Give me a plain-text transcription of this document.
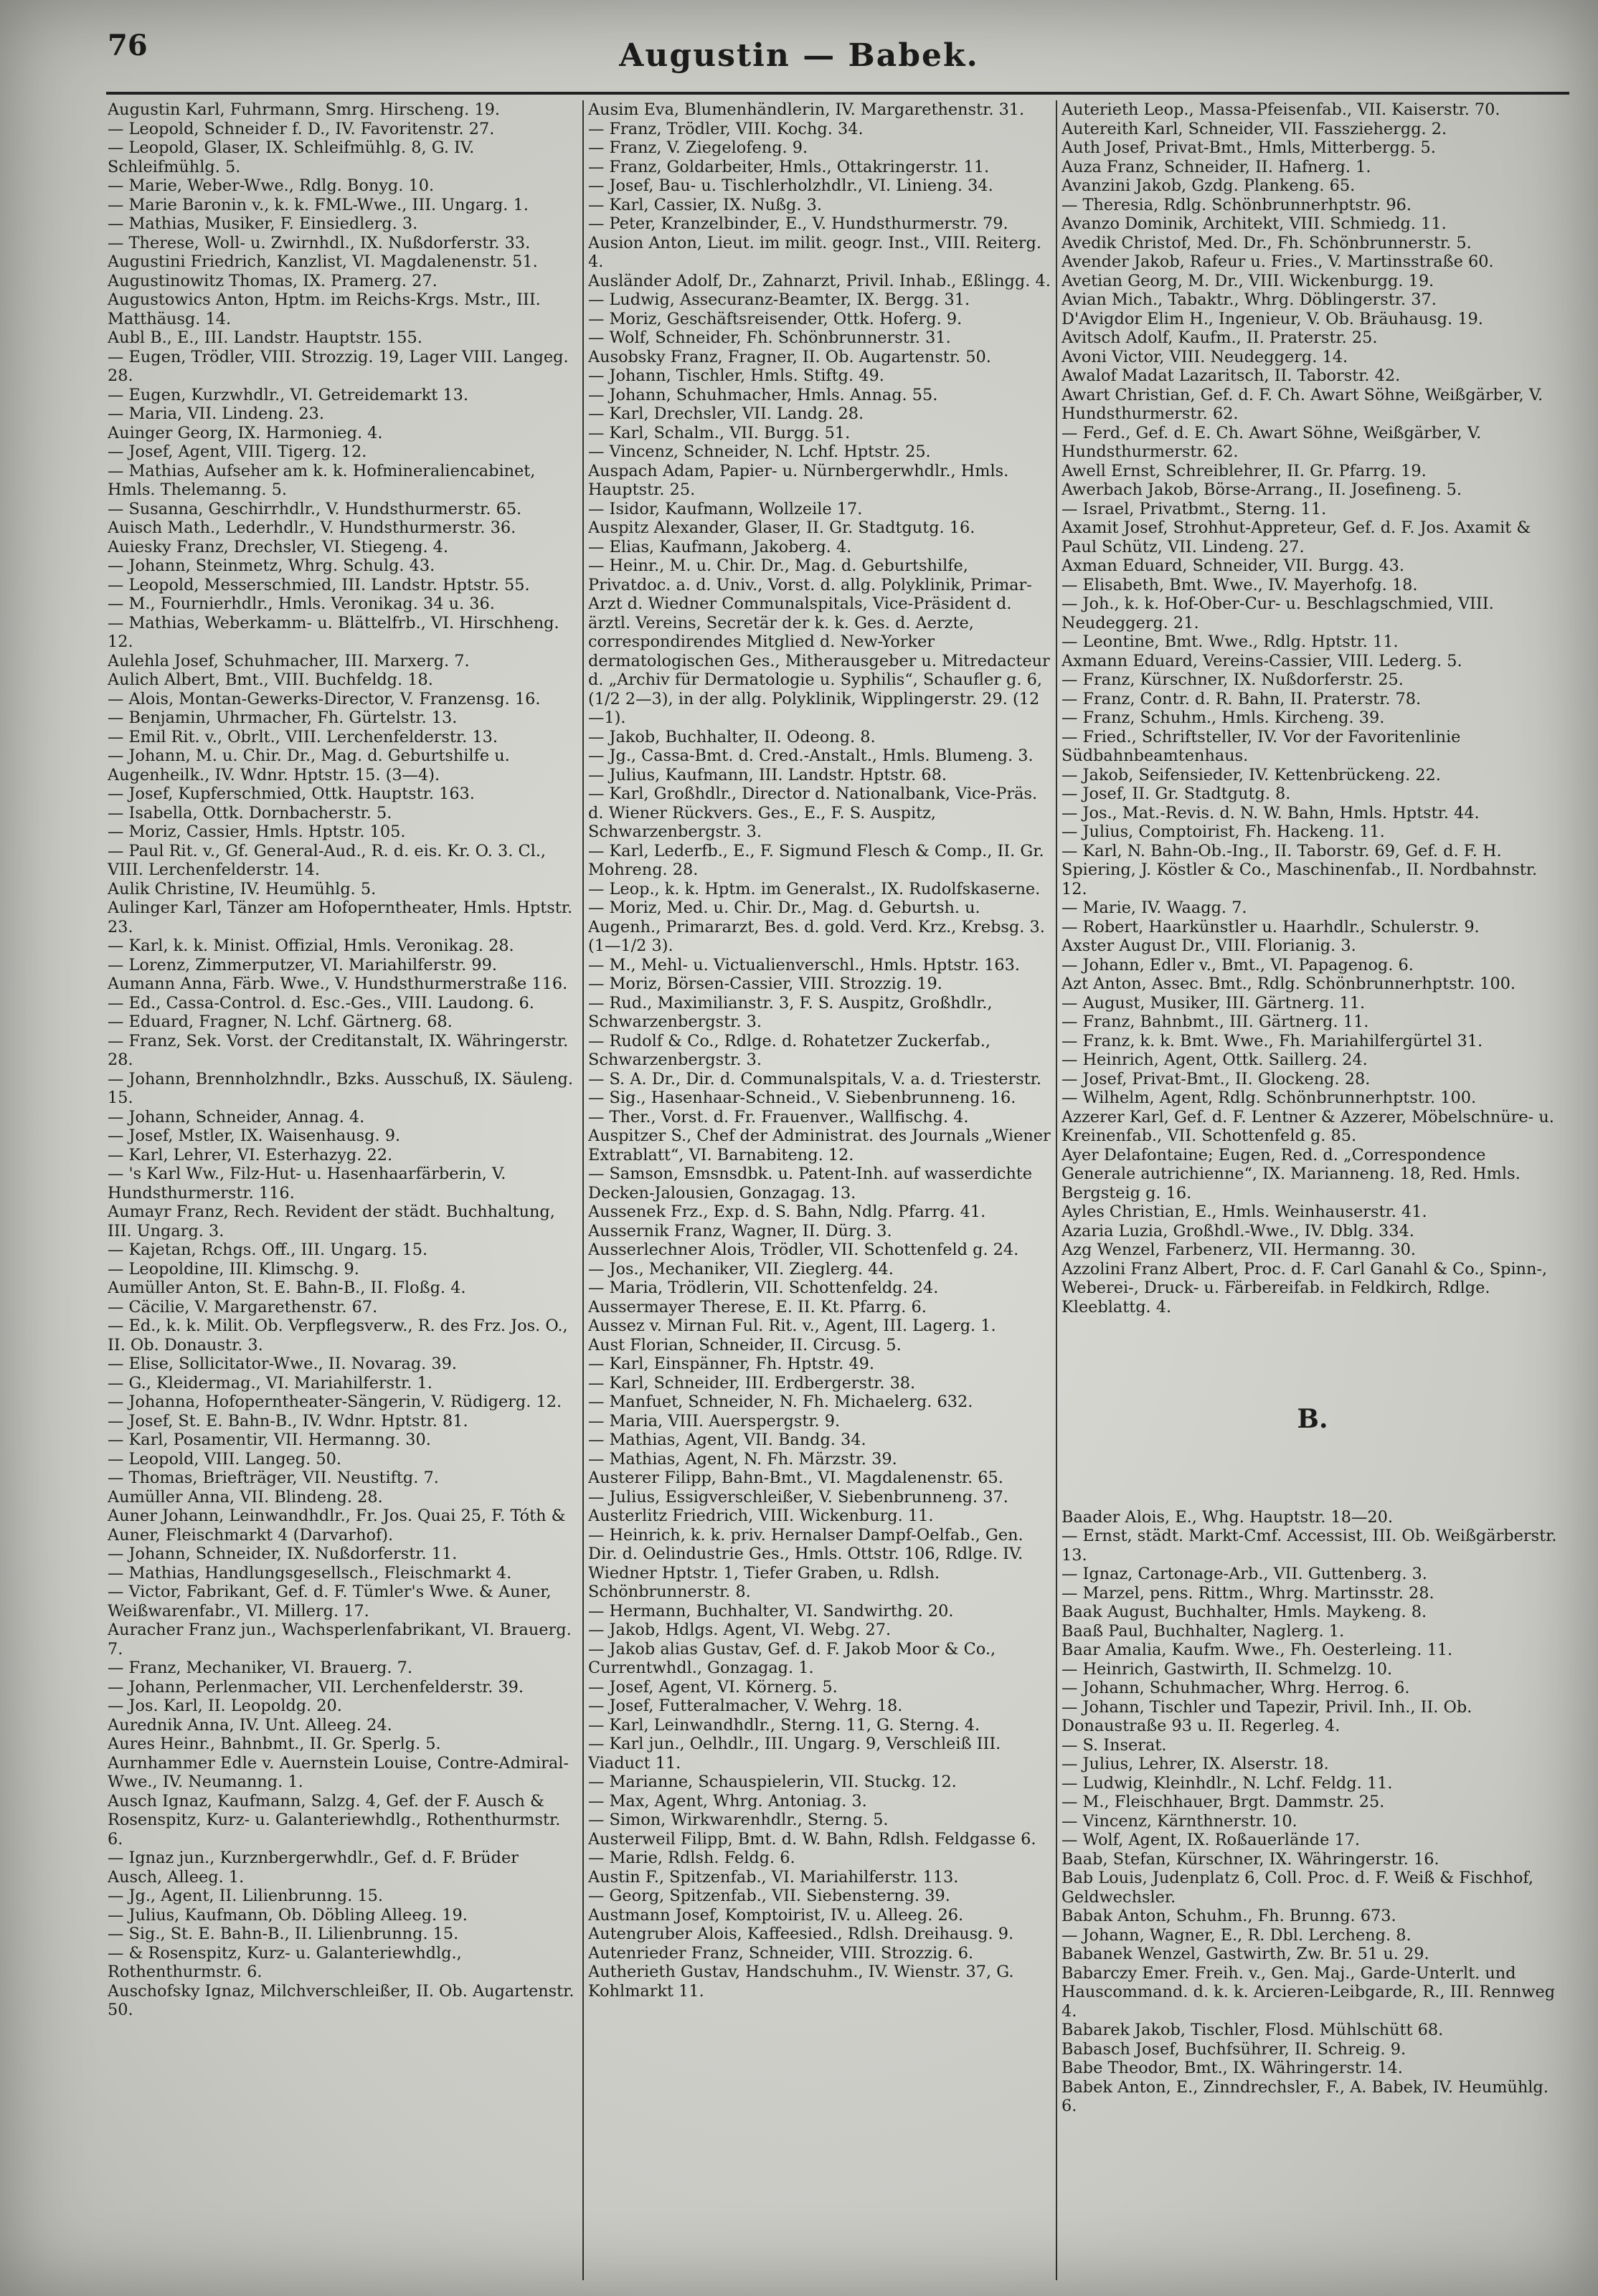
76	Augustin — Babek.

Augustin Karl, Fuhrmann, Smrg. Hirscheng. 19.

— Leopold, Schneider f. D., IV. Favoritenstr. 27.

— Leopold, Glaser, IX. Schleifmühlg. 8, G. IV. Schleifmühlg. 5.

— Marie, Weber-Wwe., Rdlg. Bonyg. 10.

— Marie Baronin v., k. k. FML-Wwe., III. Ungarg. 1.

— Mathias, Musiker, F. Einsiedlerg. 3.

— Therese, Woll- u. Zwirnhdl., IX. Nußdorferstr. 33.

Augustini Friedrich, Kanzlist, VI. Magdalenenstr. 51.

Augustinowitz Thomas, IX. Pramerg. 27.

Augustowics Anton, Hptm. im Reichs-Krgs. Mstr., III. Matthäusg. 14.

Aubl B., E., III. Landstr. Hauptstr. 155.

— Eugen, Trödler, VIII. Strozzig. 19, Lager VIII. Langeg. 28.

— Eugen, Kurzwhdlr., VI. Getreidemarkt 13.

— Maria, VII. Lindeng. 23.

Auinger Georg, IX. Harmonieg. 4.

— Josef, Agent, VIII. Tigerg. 12.

— Mathias, Aufseher am k. k. Hofmineraliencabinet, Hmls. Thelemanng. 5.

— Susanna, Geschirrhdlr., V. Hundsthurmerstr. 65.

Auisch Math., Lederhdlr., V. Hundsthurmerstr. 36.

Auiesky Franz, Drechsler, VI. Stiegeng. 4.

— Johann, Steinmetz, Whrg. Schulg. 43.

— Leopold, Messerschmied, III. Landstr. Hptstr. 55.

— M., Fournierhdlr., Hmls. Veronikag. 34 u. 36.

— Mathias, Weberkamm- u. Blättelfrb., VI. Hirschheng. 12.

Aulehla Josef, Schuhmacher, III. Marxerg. 7.

Aulich Albert, Bmt., VIII. Buchfeldg. 18.

— Alois, Montan-Gewerks-Director, V. Franzensg. 16.

— Benjamin, Uhrmacher, Fh. Gürtelstr. 13.

— Emil Rit. v., Obrlt., VIII. Lerchenfelderstr. 13.

— Johann, M. u. Chir. Dr., Mag. d. Geburtshilfe u. Augenheilk., IV. Wdnr. Hptstr. 15. (3—4).

— Josef, Kupferschmied, Ottk. Hauptstr. 163.

— Isabella, Ottk. Dornbacherstr. 5.

— Moriz, Cassier, Hmls. Hptstr. 105.

— Paul Rit. v., Gf. General-Aud., R. d. eis. Kr. O. 3. Cl., VIII. Lerchenfelderstr. 14.

Aulik Christine, IV. Heumühlg. 5.

Aulinger Karl, Tänzer am Hofoperntheater, Hmls. Hptstr. 23.

— Karl, k. k. Minist. Offizial, Hmls. Veronikag. 28.

— Lorenz, Zimmerputzer, VI. Mariahilferstr. 99.

Aumann Anna, Färb. Wwe., V. Hundsthurmerstraße 116.

— Ed., Cassa-Control. d. Esc.-Ges., VIII. Laudong. 6.

— Eduard, Fragner, N. Lchf. Gärtnerg. 68.

— Franz, Sek. Vorst. der Creditanstalt, IX. Währingerstr. 28.

— Johann, Brennholzhndlr., Bzks. Ausschuß, IX. Säuleng. 15.

— Johann, Schneider, Annag. 4.

— Josef, Mstler, IX. Waisenhausg. 9.

— Karl, Lehrer, VI. Esterhazyg. 22.

— 's Karl Ww., Filz-Hut- u. Hasenhaarfärberin, V. Hundsthurmerstr. 116.

Aumayr Franz, Rech. Revident der städt. Buchhaltung, III. Ungarg. 3.

— Kajetan, Rchgs. Off., III. Ungarg. 15.

— Leopoldine, III. Klimschg. 9.

Aumüller Anton, St. E. Bahn-B., II. Floßg. 4.

— Cäcilie, V. Margarethenstr. 67.

— Ed., k. k. Milit. Ob. Verpflegsverw., R. des Frz. Jos. O., II. Ob. Donaustr. 3.

— Elise, Sollicitator-Wwe., II. Novarag. 39.

— G., Kleidermag., VI. Mariahilferstr. 1.

— Johanna, Hofoperntheater-Sängerin, V. Rüdigerg. 12.

— Josef, St. E. Bahn-B., IV. Wdnr. Hptstr. 81.

— Karl, Posamentir, VII. Hermanng. 30.

— Leopold, VIII. Langeg. 50.

— Thomas, Briefträger, VII. Neustiftg. 7.

Aumüller Anna, VII. Blindeng. 28.

Auner Johann, Leinwandhdlr., Fr. Jos. Quai 25, F. Tóth & Auner, Fleischmarkt 4 (Darvarhof).

— Johann, Schneider, IX. Nußdorferstr. 11.

— Mathias, Handlungsgesellsch., Fleischmarkt 4.

— Victor, Fabrikant, Gef. d. F. Tümler's Wwe. & Auner, Weißwarenfabr., VI. Millerg. 17.

Auracher Franz jun., Wachsperlenfabrikant, VI. Brauerg. 7.

— Franz, Mechaniker, VI. Brauerg. 7.

— Johann, Perlenmacher, VII. Lerchenfelderstr. 39.

— Jos. Karl, II. Leopoldg. 20.

Aurednik Anna, IV. Unt. Alleeg. 24.

Aures Heinr., Bahnbmt., II. Gr. Sperlg. 5.

Aurnhammer Edle v. Auernstein Louise, Contre-Admiral-Wwe., IV. Neumanng. 1.

Ausch Ignaz, Kaufmann, Salzg. 4, Gef. der F. Ausch & Rosenspitz, Kurz- u. Galanteriewhdlg., Rothenthurmstr. 6.

— Ignaz jun., Kurznbergerwhdlr., Gef. d. F. Brüder Ausch, Alleeg. 1.

— Jg., Agent, II. Lilienbrunng. 15.

— Julius, Kaufmann, Ob. Döbling Alleeg. 19.

— Sig., St. E. Bahn-B., II. Lilienbrunng. 15.

— & Rosenspitz, Kurz- u. Galanteriewhdlg., Rothenthurmstr. 6.

Auschofsky Ignaz, Milchverschleißer, II. Ob. Augartenstr. 50.

Ausim Eva, Blumenhändlerin, IV. Margarethenstr. 31.

— Franz, Trödler, VIII. Kochg. 34.

— Franz, V. Ziegelofeng. 9.

— Franz, Goldarbeiter, Hmls., Ottakringerstr. 11.

— Josef, Bau- u. Tischlerholzhdlr., VI. Linieng. 34.

— Karl, Cassier, IX. Nußg. 3.

— Peter, Kranzelbinder, E., V. Hundsthurmerstr. 79.

Ausion Anton, Lieut. im milit. geogr. Inst., VIII. Reiterg. 4.

Ausländer Adolf, Dr., Zahnarzt, Privil. Inhab., Eßlingg. 4.

— Ludwig, Assecuranz-Beamter, IX. Bergg. 31.

— Moriz, Geschäftsreisender, Ottk. Hoferg. 9.

— Wolf, Schneider, Fh. Schönbrunnerstr. 31.

Ausobsky Franz, Fragner, II. Ob. Augartenstr. 50.

— Johann, Tischler, Hmls. Stiftg. 49.

— Johann, Schuhmacher, Hmls. Annag. 55.

— Karl, Drechsler, VII. Landg. 28.

— Karl, Schalm., VII. Burgg. 51.

— Vincenz, Schneider, N. Lchf. Hptstr. 25.

Auspach Adam, Papier- u. Nürnbergerwhdlr., Hmls. Hauptstr. 25.

— Isidor, Kaufmann, Wollzeile 17.

Auspitz Alexander, Glaser, II. Gr. Stadtgutg. 16.

— Elias, Kaufmann, Jakoberg. 4.

— Heinr., M. u. Chir. Dr., Mag. d. Geburtshilfe, Privatdoc. a. d. Univ., Vorst. d. allg. Polyklinik, Primar-Arzt d. Wiedner Communalspitals, Vice-Präsident d. ärztl. Vereins, Secretär der k. k. Ges. d. Aerzte, correspondirendes Mitglied d. New-Yorker dermatologischen Ges., Mitherausgeber u. Mitredacteur d. „Archiv für Dermatologie u. Syphilis“, Schaufler g. 6, (1/2 2—3), in der allg. Polyklinik, Wipplingerstr. 29. (12—1).

— Jakob, Buchhalter, II. Odeong. 8.

— Jg., Cassa-Bmt. d. Cred.-Anstalt., Hmls. Blumeng. 3.

— Julius, Kaufmann, III. Landstr. Hptstr. 68.

— Karl, Großhdlr., Director d. Nationalbank, Vice-Präs. d. Wiener Rückvers. Ges., E., F. S. Auspitz, Schwarzenbergstr. 3.

— Karl, Lederfb., E., F. Sigmund Flesch & Comp., II. Gr. Mohreng. 28.

— Leop., k. k. Hptm. im Generalst., IX. Rudolfskaserne.

— Moriz, Med. u. Chir. Dr., Mag. d. Geburtsh. u. Augenh., Primararzt, Bes. d. gold. Verd. Krz., Krebsg. 3. (1—1/2 3).

— M., Mehl- u. Victualienverschl., Hmls. Hptstr. 163.

— Moriz, Börsen-Cassier, VIII. Strozzig. 19.

— Rud., Maximilianstr. 3, F. S. Auspitz, Großhdlr., Schwarzenbergstr. 3.

— Rudolf & Co., Rdlge. d. Rohatetzer Zuckerfab., Schwarzenbergstr. 3.

— S. A. Dr., Dir. d. Communalspitals, V. a. d. Triesterstr.

— Sig., Hasenhaar-Schneid., V. Siebenbrunneng. 16.

— Ther., Vorst. d. Fr. Frauenver., Wallfischg. 4.

Auspitzer S., Chef der Administrat. des Journals „Wiener Extrablatt“, VI. Barnabiteng. 12.

— Samson, Emsnsdbk. u. Patent-Inh. auf wasserdichte Decken-Jalousien, Gonzagag. 13.

Aussenek Frz., Exp. d. S. Bahn, Ndlg. Pfarrg. 41.

Aussernik Franz, Wagner, II. Dürg. 3.

Ausserlechner Alois, Trödler, VII. Schottenfeld g. 24.

— Jos., Mechaniker, VII. Zieglerg. 44.

— Maria, Trödlerin, VII. Schottenfeldg. 24.

Aussermayer Therese, E. II. Kt. Pfarrg. 6.

Aussez v. Mirnan Ful. Rit. v., Agent, III. Lagerg. 1.

Aust Florian, Schneider, II. Circusg. 5.

— Karl, Einspänner, Fh. Hptstr. 49.

— Karl, Schneider, III. Erdbergerstr. 38.

— Manfuet, Schneider, N. Fh. Michaelerg. 632.

— Maria, VIII. Auerspergstr. 9.

— Mathias, Agent, VII. Bandg. 34.

— Mathias, Agent, N. Fh. Märzstr. 39.

Austerer Filipp, Bahn-Bmt., VI. Magdalenenstr. 65.

— Julius, Essigverschleißer, V. Siebenbrunneng. 37.

Austerlitz Friedrich, VIII. Wickenburg. 11.

— Heinrich, k. k. priv. Hernalser Dampf-Oelfab., Gen. Dir. d. Oelindustrie Ges., Hmls. Ottstr. 106, Rdlge. IV. Wiedner Hptstr. 1, Tiefer Graben, u. Rdlsh. Schönbrunnerstr. 8.

— Hermann, Buchhalter, VI. Sandwirthg. 20.

— Jakob, Hdlgs. Agent, VI. Webg. 27.

— Jakob alias Gustav, Gef. d. F. Jakob Moor & Co., Currentwhdl., Gonzagag. 1.

— Josef, Agent, VI. Körnerg. 5.

— Josef, Futteralmacher, V. Wehrg. 18.

— Karl, Leinwandhdlr., Sterng. 11, G. Sterng. 4.

— Karl jun., Oelhdlr., III. Ungarg. 9, Verschleiß III. Viaduct 11.

— Marianne, Schauspielerin, VII. Stuckg. 12.

— Max, Agent, Whrg. Antoniag. 3.

— Simon, Wirkwarenhdlr., Sterng. 5.

Austerweil Filipp, Bmt. d. W. Bahn, Rdlsh. Feldgasse 6.

— Marie, Rdlsh. Feldg. 6.

Austin F., Spitzenfab., VI. Mariahilferstr. 113.

— Georg, Spitzenfab., VII. Siebensterng. 39.

Austmann Josef, Komptoirist, IV. u. Alleeg. 26.

Autengruber Alois, Kaffeesied., Rdlsh. Dreihausg. 9.

Autenrieder Franz, Schneider, VIII. Strozzig. 6.

Autherieth Gustav, Handschuhm., IV. Wienstr. 37, G. Kohlmarkt 11.

Auterieth Leop., Massa-Pfeisenfab., VII. Kaiserstr. 70.

Autereith Karl, Schneider, VII. Fassziehergg. 2.

Auth Josef, Privat-Bmt., Hmls, Mitterbergg. 5.

Auza Franz, Schneider, II. Hafnerg. 1.

Avanzini Jakob, Gzdg. Plankeng. 65.

— Theresia, Rdlg. Schönbrunnerhptstr. 96.

Avanzo Dominik, Architekt, VIII. Schmiedg. 11.

Avedik Christof, Med. Dr., Fh. Schönbrunnerstr. 5.

Avender Jakob, Rafeur u. Fries., V. Martinsstraße 60.

Avetian Georg, M. Dr., VIII. Wickenburgg. 19.

Avian Mich., Tabaktr., Whrg. Döblingerstr. 37.

D'Avigdor Elim H., Ingenieur, V. Ob. Bräuhausg. 19.

Avitsch Adolf, Kaufm., II. Praterstr. 25.

Avoni Victor, VIII. Neudeggerg. 14.

Awalof Madat Lazaritsch, II. Taborstr. 42.

Awart Christian, Gef. d. F. Ch. Awart Söhne, Weißgärber, V. Hundsthurmerstr. 62.

— Ferd., Gef. d. E. Ch. Awart Söhne, Weißgärber, V. Hundsthurmerstr. 62.

Awell Ernst, Schreiblehrer, II. Gr. Pfarrg. 19.

Awerbach Jakob, Börse-Arrang., II. Josefineng. 5.

— Israel, Privatbmt., Sterng. 11.

Axamit Josef, Strohhut-Appreteur, Gef. d. F. Jos. Axamit & Paul Schütz, VII. Lindeng. 27.

Axman Eduard, Schneider, VII. Burgg. 43.

— Elisabeth, Bmt. Wwe., IV. Mayerhofg. 18.

— Joh., k. k. Hof-Ober-Cur- u. Beschlagschmied, VIII. Neudeggerg. 21.

— Leontine, Bmt. Wwe., Rdlg. Hptstr. 11.

Axmann Eduard, Vereins-Cassier, VIII. Lederg. 5.

— Franz, Kürschner, IX. Nußdorferstr. 25.

— Franz, Contr. d. R. Bahn, II. Praterstr. 78.

— Franz, Schuhm., Hmls. Kircheng. 39.

— Fried., Schriftsteller, IV. Vor der Favoritenlinie Südbahnbeamtenhaus.

— Jakob, Seifensieder, IV. Kettenbrückeng. 22.

— Josef, II. Gr. Stadtgutg. 8.

— Jos., Mat.-Revis. d. N. W. Bahn, Hmls. Hptstr. 44.

— Julius, Comptoirist, Fh. Hackeng. 11.

— Karl, N. Bahn-Ob.-Ing., II. Taborstr. 69, Gef. d. F. H. Spiering, J. Köstler & Co., Maschinenfab., II. Nordbahnstr. 12.

— Marie, IV. Waagg. 7.

— Robert, Haarkünstler u. Haarhdlr., Schulerstr. 9.

Axster August Dr., VIII. Florianig. 3.

— Johann, Edler v., Bmt., VI. Papagenog. 6.

Azt Anton, Assec. Bmt., Rdlg. Schönbrunnerhptstr. 100.

— August, Musiker, III. Gärtnerg. 11.

— Franz, Bahnbmt., III. Gärtnerg. 11.

— Franz, k. k. Bmt. Wwe., Fh. Mariahilfergürtel 31.

— Heinrich, Agent, Ottk. Saillerg. 24.

— Josef, Privat-Bmt., II. Glockeng. 28.

— Wilhelm, Agent, Rdlg. Schönbrunnerhptstr. 100.

Azzerer Karl, Gef. d. F. Lentner & Azzerer, Möbelschnüre- u. Kreinenfab., VII. Schottenfeld g. 85.

Ayer Delafontaine; Eugen, Red. d. „Correspondence Generale autrichienne“, IX. Marianneng. 18, Red. Hmls. Bergsteig g. 16.

Ayles Christian, E., Hmls. Weinhauserstr. 41.

Azaria Luzia, Großhdl.-Wwe., IV. Dblg. 334.

Azg Wenzel, Farbenerz, VII. Hermanng. 30.

Azzolini Franz Albert, Proc. d. F. Carl Ganahl & Co., Spinn-, Weberei-, Druck- u. Färbereifab. in Feldkirch, Rdlge. Kleeblattg. 4.

B.

Baader Alois, E., Whg. Hauptstr. 18—20.

— Ernst, städt. Markt-Cmf. Accessist, III. Ob. Weißgärberstr. 13.

— Ignaz, Cartonage-Arb., VII. Guttenberg. 3.

— Marzel, pens. Rittm., Whrg. Martinsstr. 28.

Baak August, Buchhalter, Hmls. Maykeng. 8.

Baaß Paul, Buchhalter, Naglerg. 1.

Baar Amalia, Kaufm. Wwe., Fh. Oesterleing. 11.

— Heinrich, Gastwirth, II. Schmelzg. 10.

— Johann, Schuhmacher, Whrg. Herrog. 6.

— Johann, Tischler und Tapezir, Privil. Inh., II. Ob. Donaustraße 93 u. II. Regerleg. 4.

— S. Inserat.

— Julius, Lehrer, IX. Alserstr. 18.

— Ludwig, Kleinhdlr., N. Lchf. Feldg. 11.

— M., Fleischhauer, Brgt. Dammstr. 25.

— Vincenz, Kärnthnerstr. 10.

— Wolf, Agent, IX. Roßauerlände 17.

Baab, Stefan, Kürschner, IX. Währingerstr. 16.

Bab Louis, Judenplatz 6, Coll. Proc. d. F. Weiß & Fischhof, Geldwechsler.

Babak Anton, Schuhm., Fh. Brunng. 673.

— Johann, Wagner, E., R. Dbl. Lercheng. 8.

Babanek Wenzel, Gastwirth, Zw. Br. 51 u. 29.

Babarczy Emer. Freih. v., Gen. Maj., Garde-Unterlt. und Hauscommand. d. k. k. Arcieren-Leibgarde, R., III. Rennweg 4.

Babarek Jakob, Tischler, Flosd. Mühlschütt 68.

Babasch Josef, Buchfsührer, II. Schreig. 9.

Babe Theodor, Bmt., IX. Währingerstr. 14.

Babek Anton, E., Zinndrechsler, F., A. Babek, IV. Heumühlg. 6.
